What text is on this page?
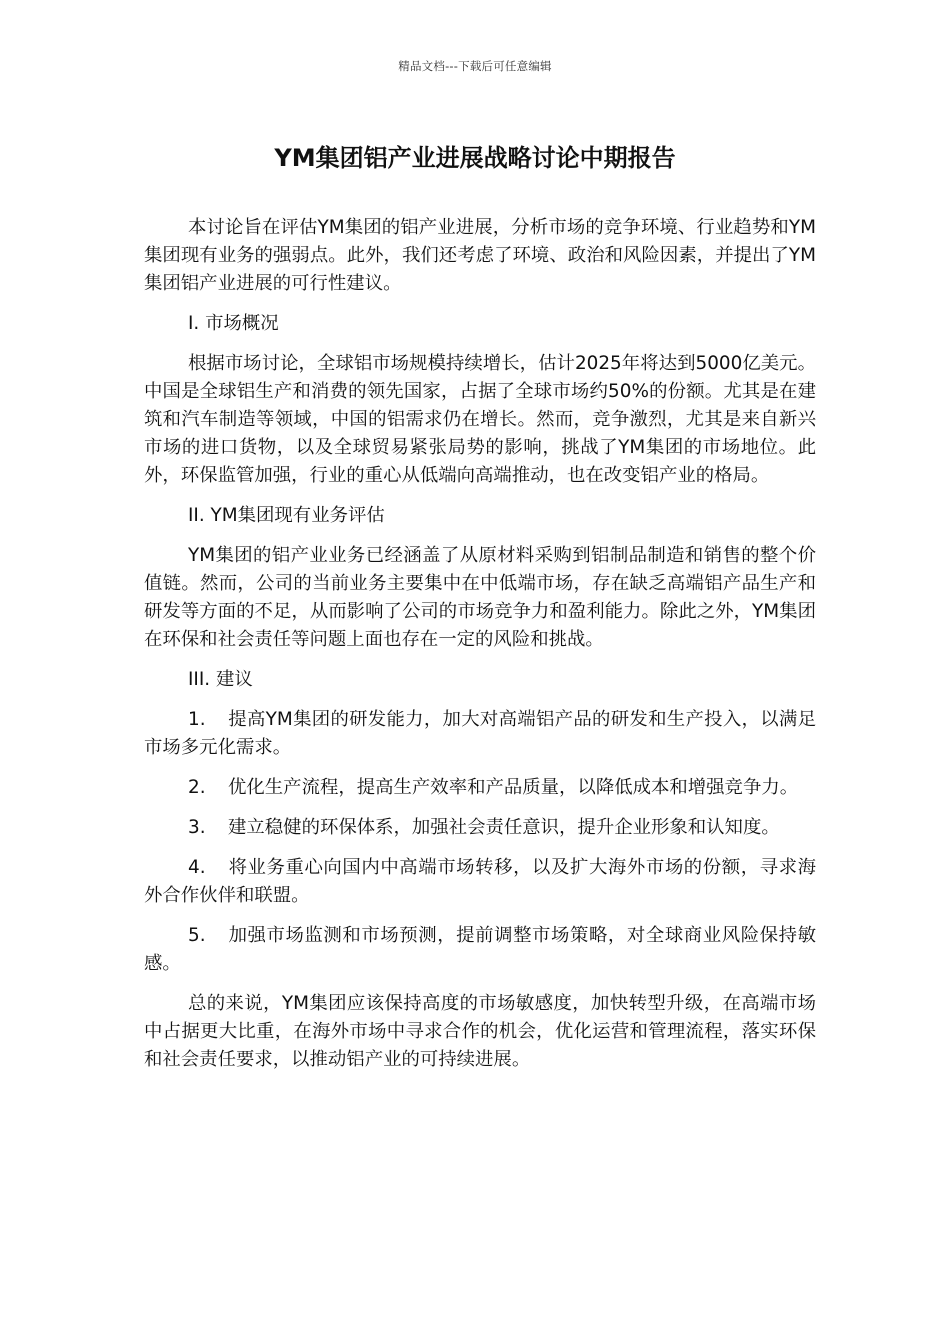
精品文档---下载后可任意编辑
YM集团铝产业进展战略讨论中期报告

本讨论旨在评估YM集团的铝产业进展，分析市场的竞争环境、行业趋势和YM集团现有业务的强弱点。此外，我们还考虑了环境、政治和风险因素，并提出了YM集团铝产业进展的可行性建议。

I. 市场概况

根据市场讨论，全球铝市场规模持续增长，估计2025年将达到5000亿美元。中国是全球铝生产和消费的领先国家，占据了全球市场约50%的份额。尤其是在建筑和汽车制造等领域，中国的铝需求仍在增长。然而，竞争激烈，尤其是来自新兴市场的进口货物，以及全球贸易紧张局势的影响，挑战了YM集团的市场地位。此外，环保监管加强，行业的重心从低端向高端推动，也在改变铝产业的格局。

II. YM集团现有业务评估

YM集团的铝产业业务已经涵盖了从原材料采购到铝制品制造和销售的整个价值链。然而，公司的当前业务主要集中在中低端市场，存在缺乏高端铝产品生产和研发等方面的不足，从而影响了公司的市场竞争力和盈利能力。除此之外，YM集团在环保和社会责任等问题上面也存在一定的风险和挑战。

III. 建议

1. 提高YM集团的研发能力，加大对高端铝产品的研发和生产投入，以满足市场多元化需求。

2. 优化生产流程，提高生产效率和产品质量，以降低成本和增强竞争力。

3. 建立稳健的环保体系，加强社会责任意识，提升企业形象和认知度。

4. 将业务重心向国内中高端市场转移，以及扩大海外市场的份额，寻求海外合作伙伴和联盟。

5. 加强市场监测和市场预测，提前调整市场策略，对全球商业风险保持敏感。

总的来说，YM集团应该保持高度的市场敏感度，加快转型升级，在高端市场中占据更大比重，在海外市场中寻求合作的机会，优化运营和管理流程，落实环保和社会责任要求，以推动铝产业的可持续进展。
